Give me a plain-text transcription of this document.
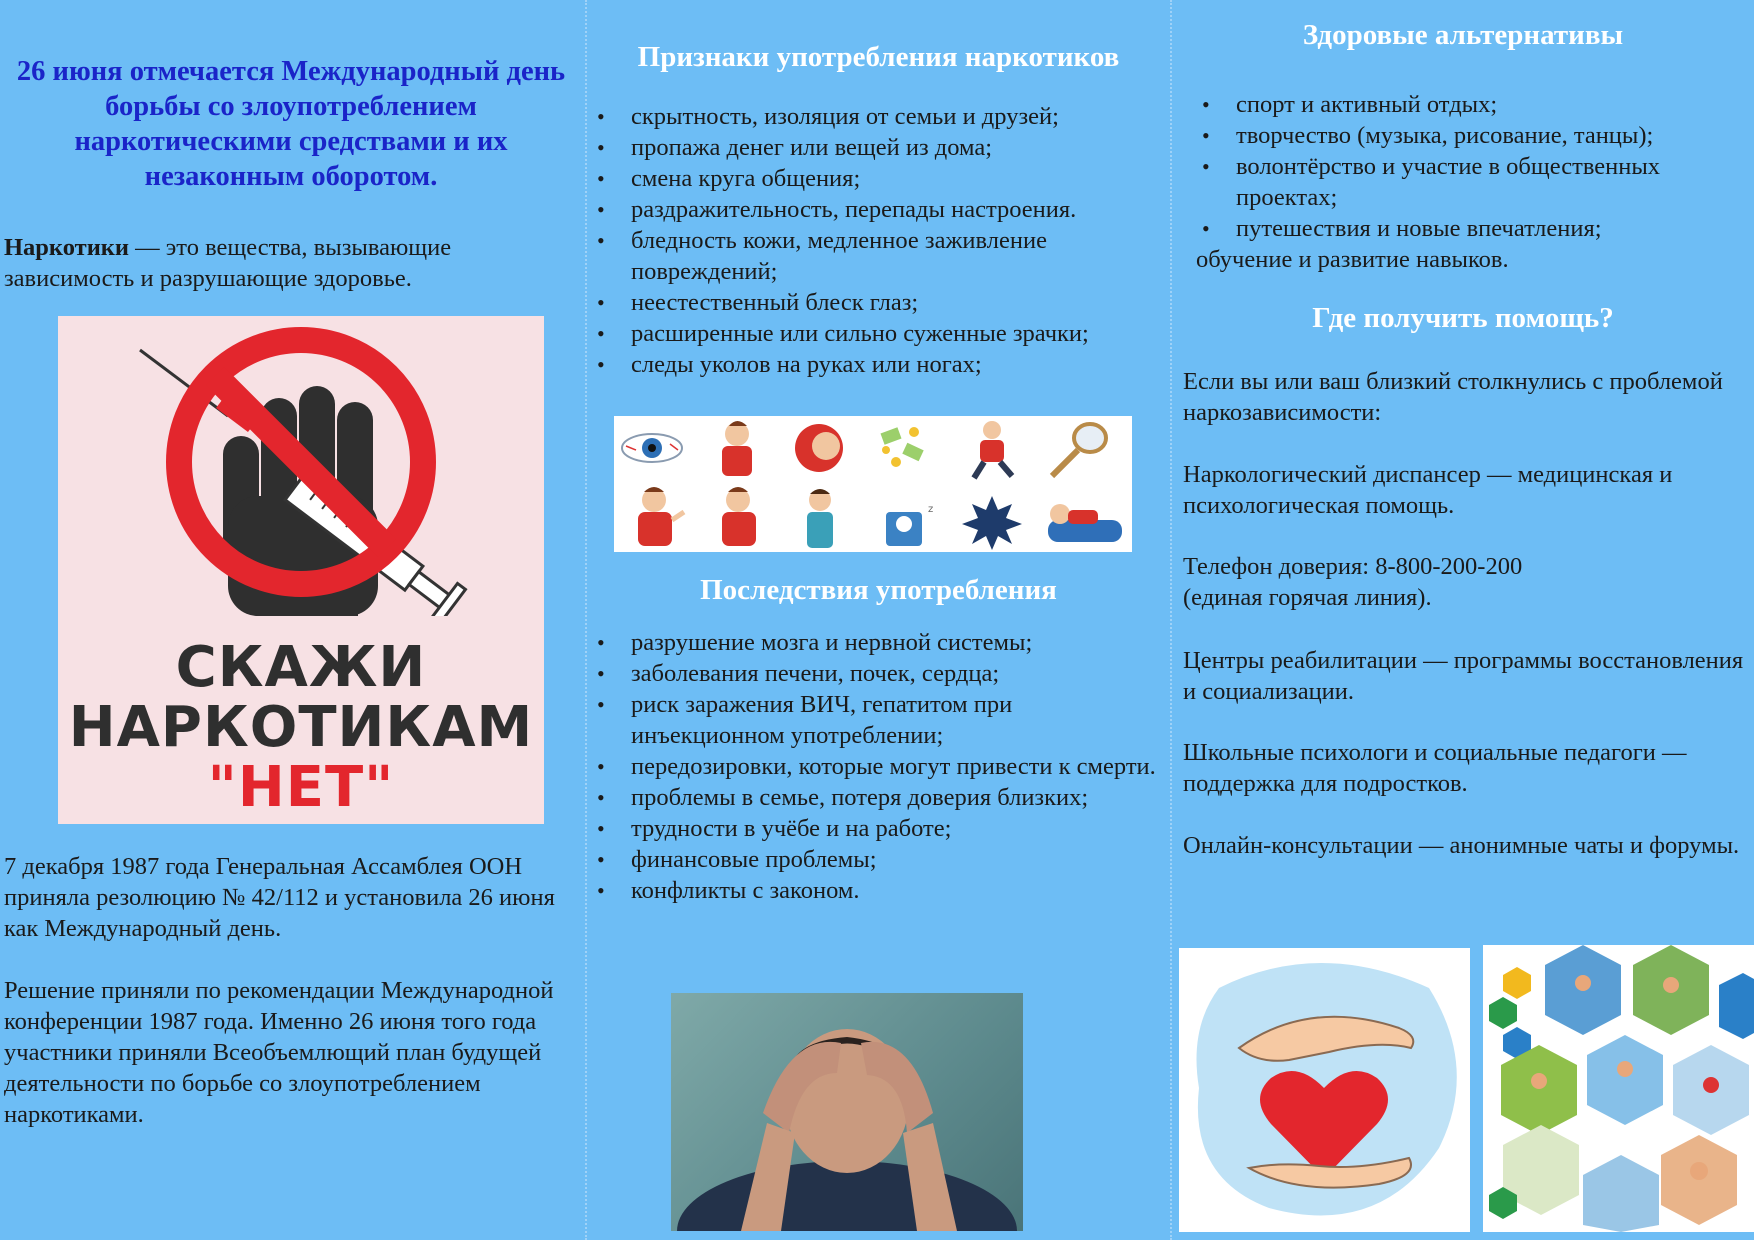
26 июня отмечается Международный день борьбы со злоупотреблением наркотическими средствами и их незаконным оборотом.

Наркотики — это вещества, вызывающие зависимость и разрушающие здоровье.

СКАЖИ
НАРКОТИКАМ
"НЕТ"

7 декабря 1987 года Генеральная Ассамблея ООН приняла резолюцию № 42/112 и установила 26 июня как Международный день.

Решение приняли по рекомендации Международной конференции 1987 года. Именно 26 июня того года участники приняли Всеобъемлющий план будущей деятельности по борьбе со злоупотреблением наркотиками.

Признаки употребления наркотиков
• скрытность, изоляция от семьи и друзей;
• пропажа денег или вещей из дома;
• смена круга общения;
• раздражительность, перепады настроения.
• бледность кожи, медленное заживление повреждений;
• неестественный блеск глаз;
• расширенные или сильно суженные зрачки;
• следы уколов на руках или ногах;
z
Последствия употребления
• разрушение мозга и нервной системы;
• заболевания печени, почек, сердца;
• риск заражения ВИЧ, гепатитом при инъекционном употреблении;
• передозировки, которые могут привести к смерти.
• проблемы в семье, потеря доверия близких;
• трудности в учёбе и на работе;
• финансовые проблемы;
• конфликты с законом.
Здоровые альтернативы
• спорт и активный отдых;
• творчество (музыка, рисование, танцы);
• волонтёрство и участие в общественных проектах;
• путешествия и новые впечатления;

обучение и развитие навыков.

Где получить помощь?

Если вы или ваш близкий столкнулись с проблемой наркозависимости:

Наркологический диспансер — медицинская и психологическая помощь.

Телефон доверия: 8-800-200-200
(единая горячая линия).

Центры реабилитации — программы восстановления и социализации.

Школьные психологи и социальные педагоги — поддержка для подростков.

Онлайн-консультации — анонимные чаты и форумы.
